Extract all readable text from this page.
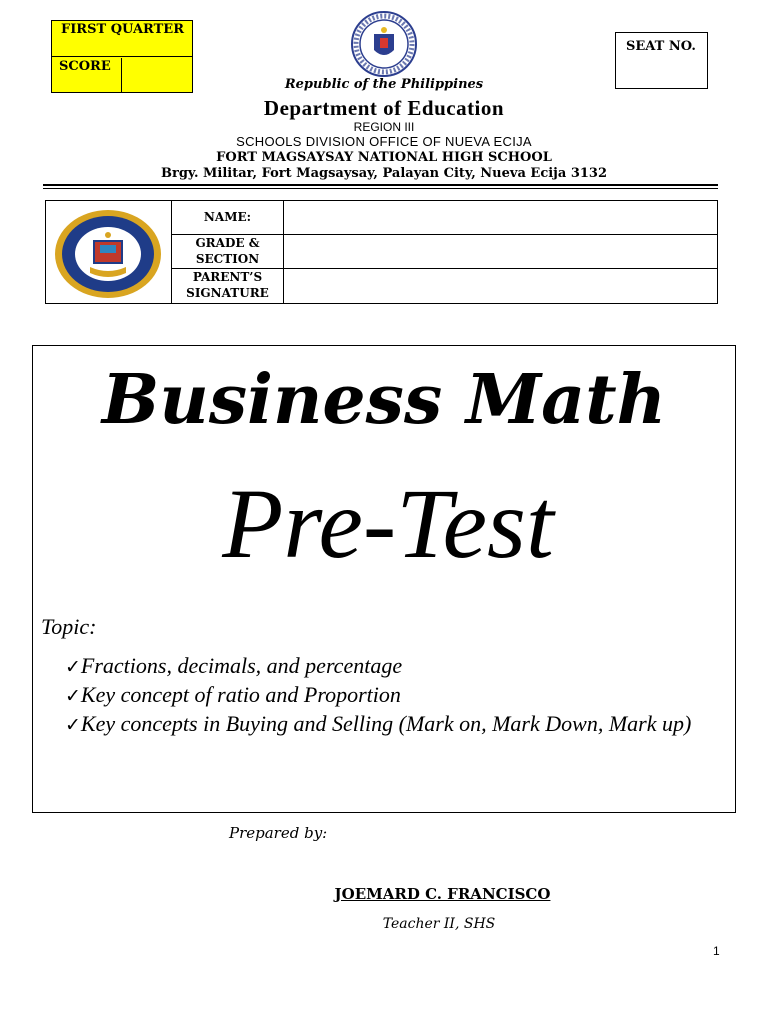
FIRST QUARTER
SCORE
SEAT NO.
Republic of the Philippines
Department of Education
REGION III
SCHOOLS DIVISION OFFICE OF NUEVA ECIJA
FORT MAGSAYSAY NATIONAL HIGH SCHOOL
Brgy. Militar, Fort Magsaysay, Palayan City, Nueva Ecija 3132
NAME:
GRADE &
SECTION
PARENT’S
SIGNATURE
Business Math
Pre-Test
Topic:
✓Fractions, decimals, and percentage
✓Key concept of ratio and Proportion
✓Key concepts in Buying and Selling (Mark on, Mark Down, Mark up)
Prepared by:
JOEMARD C. FRANCISCO
Teacher II, SHS
1
